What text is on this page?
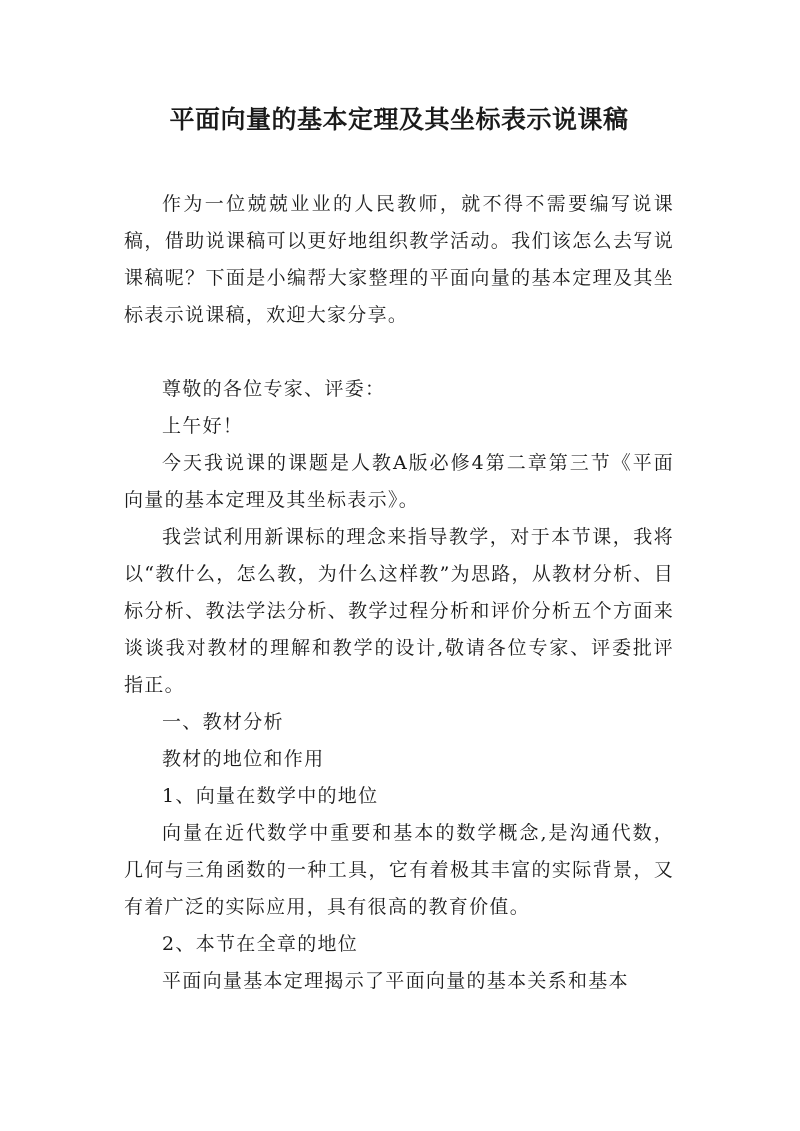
平面向量的基本定理及其坐标表示说课稿

作为一位兢兢业业的人民教师，就不得不需要编写说课稿，借助说课稿可以更好地组织教学活动。我们该怎么去写说课稿呢？下面是小编帮大家整理的平面向量的基本定理及其坐标表示说课稿，欢迎大家分享。

尊敬的各位专家、评委：

上午好！

今天我说课的课题是人教A版必修4第二章第三节《平面向量的基本定理及其坐标表示》。

我尝试利用新课标的理念来指导教学，对于本节课，我将以“教什么，怎么教，为什么这样教”为思路，从教材分析、目标分析、教法学法分析、教学过程分析和评价分析五个方面来谈谈我对教材的理解和教学的设计,敬请各位专家、评委批评指正。

一、教材分析

教材的地位和作用

1、向量在数学中的地位

向量在近代数学中重要和基本的数学概念,是沟通代数，几何与三角函数的一种工具，它有着极其丰富的实际背景，又有着广泛的实际应用，具有很高的教育价值。

2、本节在全章的地位

平面向量基本定理揭示了平面向量的基本关系和基本
